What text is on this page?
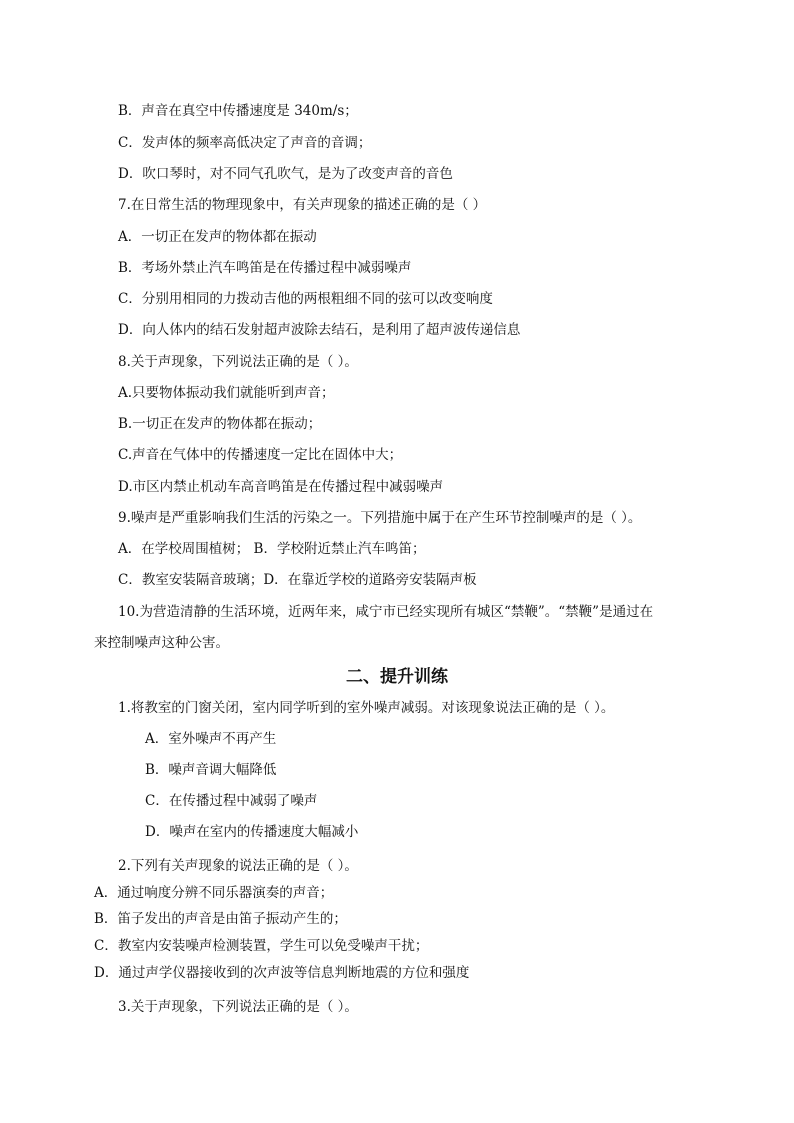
B．声音在真空中传播速度是 340m/s；
C．发声体的频率高低决定了声音的音调；
D．吹口琴时，对不同气孔吹气，是为了改变声音的音色
7.在日常生活的物理现象中，有关声现象的描述正确的是（ ）
A．一切正在发声的物体都在振动
B．考场外禁止汽车鸣笛是在传播过程中减弱噪声
C．分别用相同的力拨动吉他的两根粗细不同的弦可以改变响度
D．向人体内的结石发射超声波除去结石，是利用了超声波传递信息
8.关于声现象，下列说法正确的是（ ）。
A.只要物体振动我们就能听到声音；
B.一切正在发声的物体都在振动；
C.声音在气体中的传播速度一定比在固体中大；
D.市区内禁止机动车高音鸣笛是在传播过程中减弱噪声
9.噪声是严重影响我们生活的污染之一。下列措施中属于在产生环节控制噪声的是（ ）。
A．在学校周围植树； B．学校附近禁止汽车鸣笛；
C．教室安装隔音玻璃；D．在靠近学校的道路旁安装隔声板
10.为营造清静的生活环境，近两年来，咸宁市已经实现所有城区“禁鞭”。“禁鞭”是通过在
来控制噪声这种公害。
二、提升训练
1.将教室的门窗关闭，室内同学听到的室外噪声减弱。对该现象说法正确的是（ ）。
A．室外噪声不再产生
B．噪声音调大幅降低
C．在传播过程中减弱了噪声
D．噪声在室内的传播速度大幅减小
2.下列有关声现象的说法正确的是（ ）。
A．通过响度分辨不同乐器演奏的声音；
B．笛子发出的声音是由笛子振动产生的；
C．教室内安装噪声检测装置，学生可以免受噪声干扰；
D．通过声学仪器接收到的次声波等信息判断地震的方位和强度
3.关于声现象，下列说法正确的是（ ）。
